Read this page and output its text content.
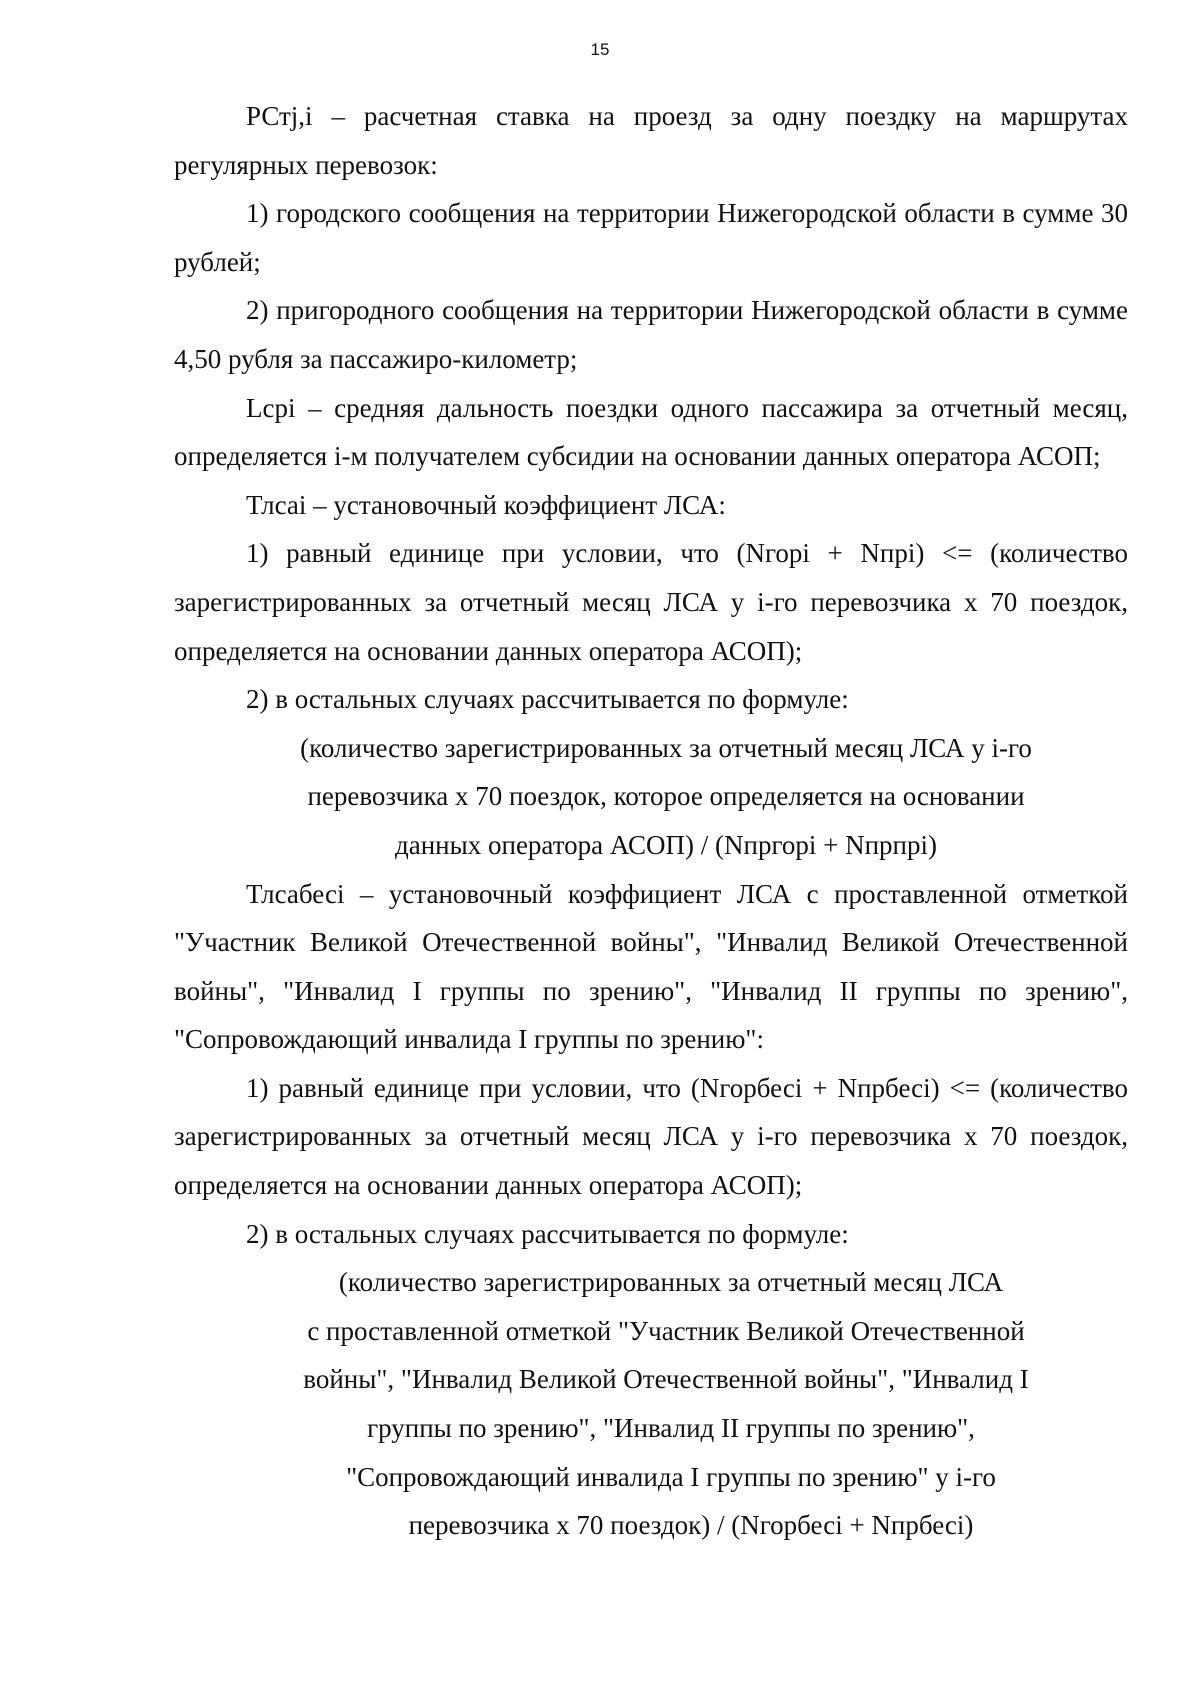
15

РСтj,i – расчетная ставка на проезд за одну поездку на маршрутах регулярных перевозок:

1) городского сообщения на территории Нижегородской области в сумме 30 рублей;

2) пригородного сообщения на территории Нижегородской области в сумме 4,50 рубля за пассажиро-километр;

Lсрi – средняя дальность поездки одного пассажира за отчетный месяц, определяется i-м получателем субсидии на основании данных оператора АСОП;

Тлсаi – установочный коэффициент ЛСА:

1) равный единице при условии, что (Nгорi + Nпрi) <= (количество зарегистрированных за отчетный месяц ЛСА у i-го перевозчика х 70 поездок, определяется на основании данных оператора АСОП);

2) в остальных случаях рассчитывается по формуле:

(количество зарегистрированных за отчетный месяц ЛСА у i-го

перевозчика х 70 поездок, которое определяется на основании

данных оператора АСОП) / (Nпргорi + Nпрпрi)

Тлсабесi – установочный коэффициент ЛСА с проставленной отметкой "Участник Великой Отечественной войны", "Инвалид Великой Отечественной войны", "Инвалид I группы по зрению", "Инвалид II группы по зрению", "Сопровождающий инвалида I группы по зрению":

1) равный единице при условии, что (Nгорбесi + Nпрбесi) <= (количество зарегистрированных за отчетный месяц ЛСА у i-го перевозчика х 70 поездок, определяется на основании данных оператора АСОП);

2) в остальных случаях рассчитывается по формуле:

(количество зарегистрированных за отчетный месяц ЛСА

с проставленной отметкой "Участник Великой Отечественной

войны", "Инвалид Великой Отечественной войны", "Инвалид I

группы по зрению", "Инвалид II группы по зрению",

"Сопровождающий инвалида I группы по зрению" у i-го

перевозчика х 70 поездок) / (Nгорбесi + Nпрбесi)
